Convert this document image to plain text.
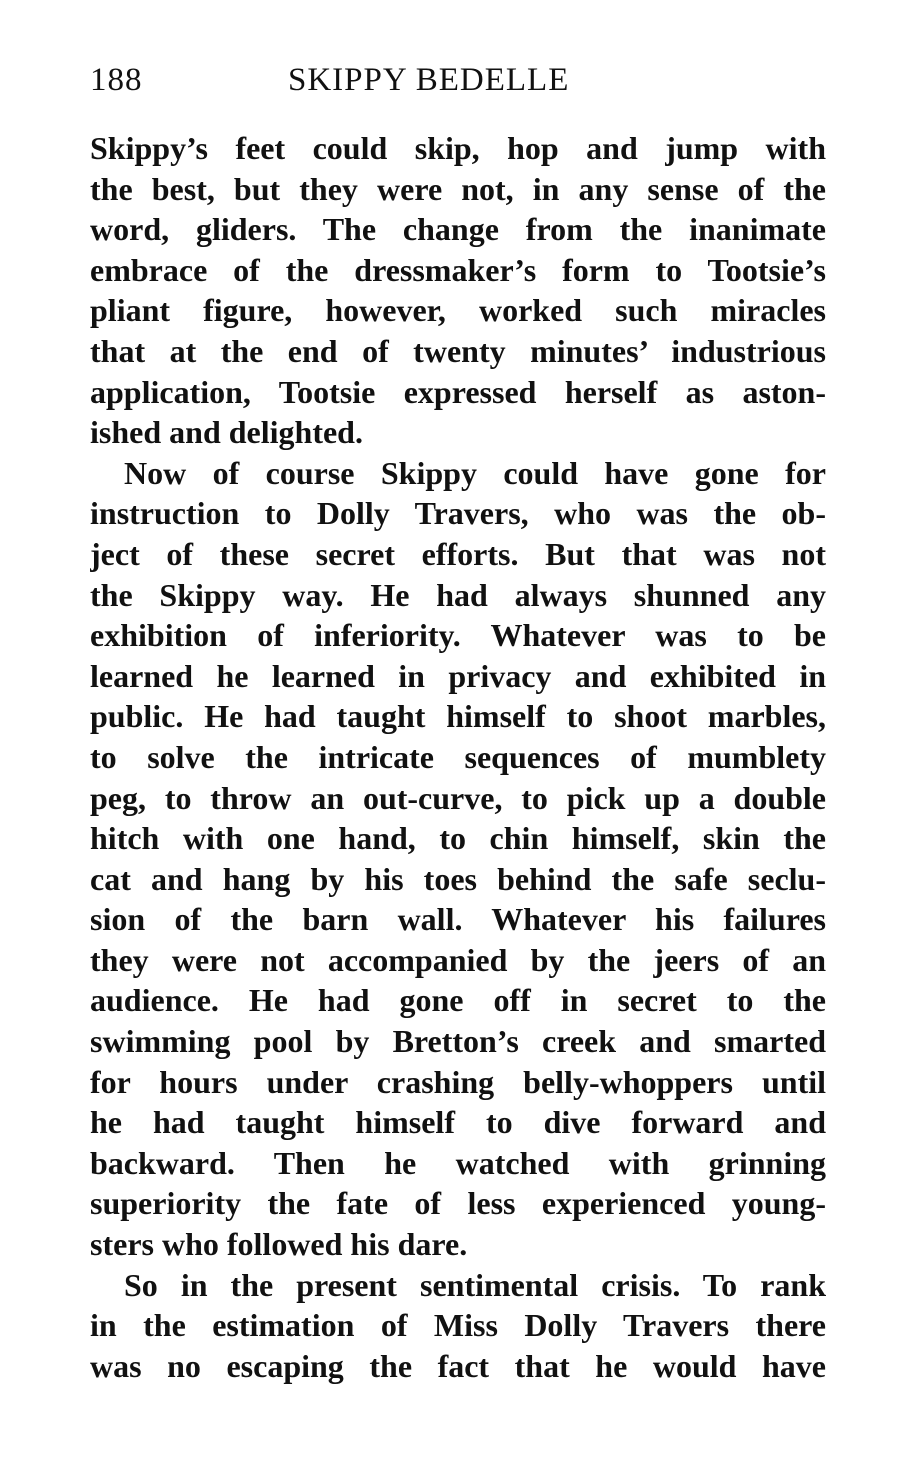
188	SKIPPY BEDELLE
Skippy’s feet could skip, hop and jump with
the best, but they were not, in any sense of the
word, gliders. The change from the inanimate
embrace of the dressmaker’s form to Tootsie’s
pliant figure, however, worked such miracles
that at the end of twenty minutes’ industrious
application, Tootsie expressed herself as aston-
ished and delighted.
Now of course Skippy could have gone for
instruction to Dolly Travers, who was the ob-
ject of these secret efforts. But that was not
the Skippy way. He had always shunned any
exhibition of inferiority. Whatever was to be
learned he learned in privacy and exhibited in
public. He had taught himself to shoot marbles,
to solve the intricate sequences of mumblety
peg, to throw an out-curve, to pick up a double
hitch with one hand, to chin himself, skin the
cat and hang by his toes behind the safe seclu-
sion of the barn wall. Whatever his failures
they were not accompanied by the jeers of an
audience. He had gone off in secret to the
swimming pool by Bretton’s creek and smarted
for hours under crashing belly-whoppers until
he had taught himself to dive forward and
backward. Then he watched with grinning
superiority the fate of less experienced young-
sters who followed his dare.
So in the present sentimental crisis. To rank
in the estimation of Miss Dolly Travers there
was no escaping the fact that he would have
